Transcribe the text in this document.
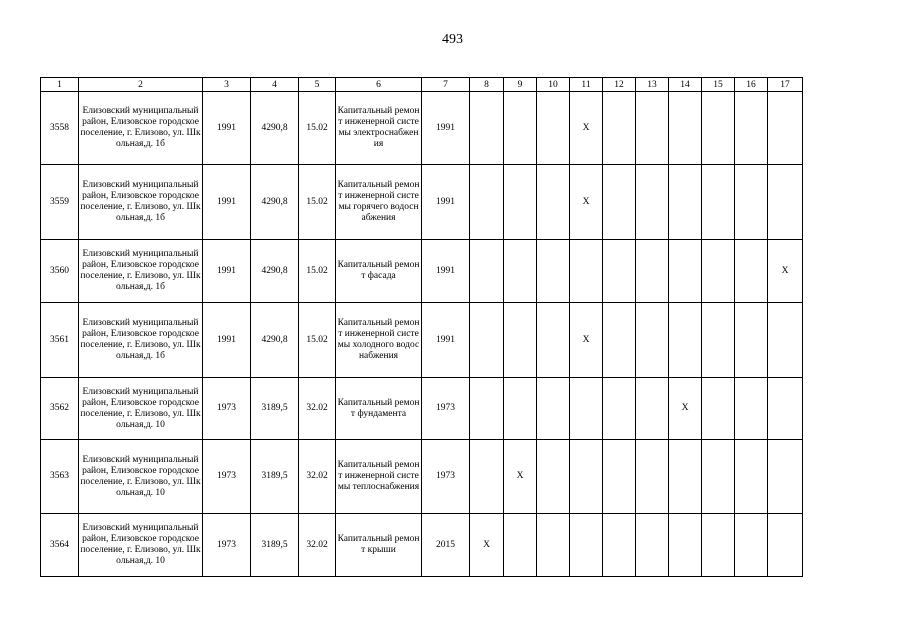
493
1	2	3	4	5	6	7	8	9	10	11	12	13	14	15	16	17
3558	Елизовский муниципальный район, Елизовское городское поселение, г. Елизово, ул. Школьная,д. 1б	1991	4290,8	15.02	Капитальный ремонт инженерной системы электроснабжения	1991				X						
3559	Елизовский муниципальный район, Елизовское городское поселение, г. Елизово, ул. Школьная,д. 1б	1991	4290,8	15.02	Капитальный ремонт инженерной системы горячего водоснабжения	1991				X						
3560	Елизовский муниципальный район, Елизовское городское поселение, г. Елизово, ул. Школьная,д. 1б	1991	4290,8	15.02	Капитальный ремонт фасада	1991										X
3561	Елизовский муниципальный район, Елизовское городское поселение, г. Елизово, ул. Школьная,д. 1б	1991	4290,8	15.02	Капитальный ремонт инженерной системы холодного водоснабжения	1991				X						
3562	Елизовский муниципальный район, Елизовское городское поселение, г. Елизово, ул. Школьная,д. 10	1973	3189,5	32.02	Капитальный ремонт фундамента	1973							X			
3563	Елизовский муниципальный район, Елизовское городское поселение, г. Елизово, ул. Школьная,д. 10	1973	3189,5	32.02	Капитальный ремонт инженерной системы теплоснабжения	1973		X								
3564	Елизовский муниципальный район, Елизовское городское поселение, г. Елизово, ул. Школьная,д. 10	1973	3189,5	32.02	Капитальный ремонт крыши	2015	X									
